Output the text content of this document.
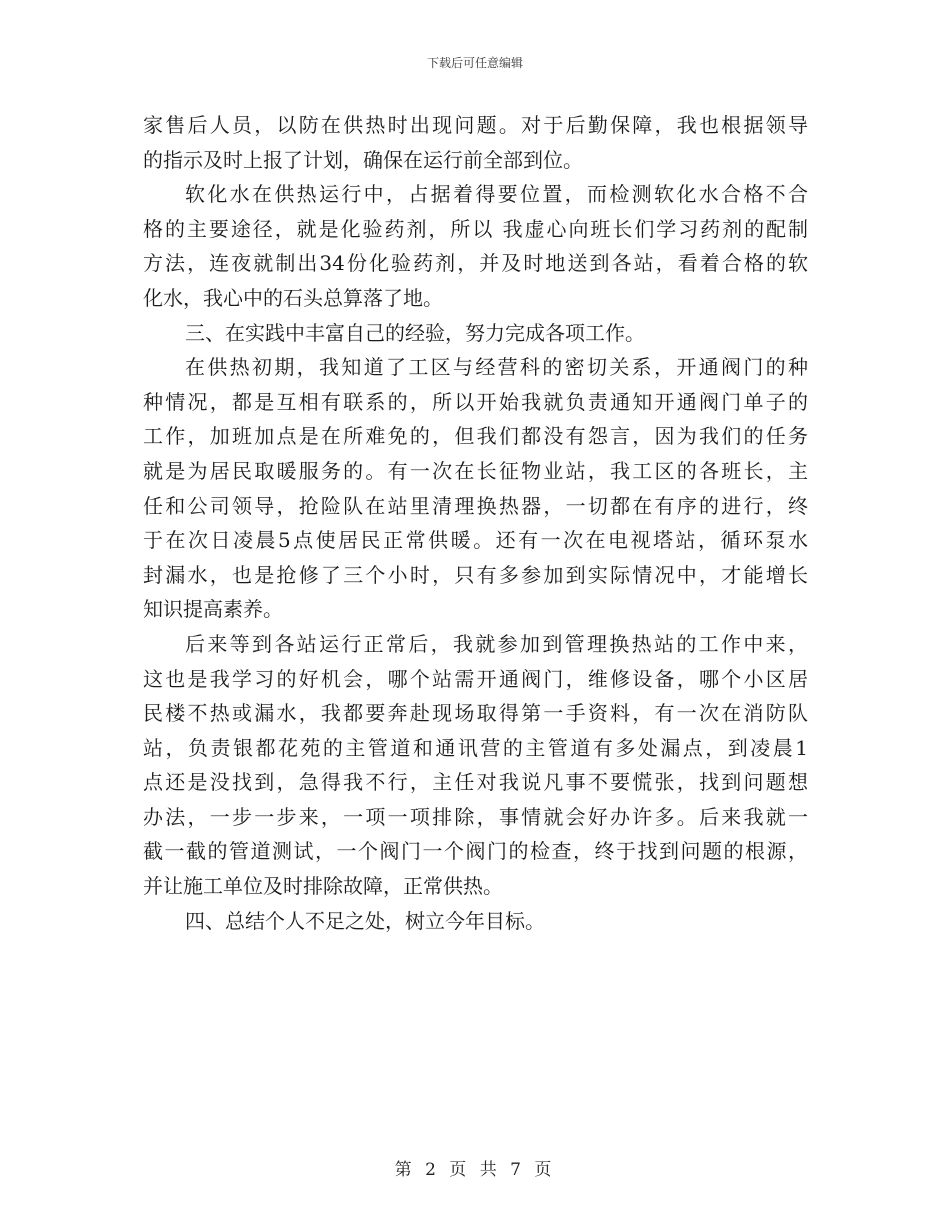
下载后可任意编辑
家售后人员，以防在供热时出现问题。对于后勤保障，我也根据领导
的指示及时上报了计划，确保在运行前全部到位。
软化水在供热运行中，占据着得要位置，而检测软化水合格不合
格的主要途径，就是化验药剂，所以 我虚心向班长们学习药剂的配制
方法，连夜就制出34份化验药剂，并及时地送到各站，看着合格的软
化水，我心中的石头总算落了地。
三、在实践中丰富自己的经验，努力完成各项工作。
在供热初期，我知道了工区与经营科的密切关系，开通阀门的种
种情况，都是互相有联系的，所以开始我就负责通知开通阀门单子的
工作，加班加点是在所难免的，但我们都没有怨言，因为我们的任务
就是为居民取暖服务的。有一次在长征物业站，我工区的各班长，主
任和公司领导，抢险队在站里清理换热器，一切都在有序的进行，终
于在次日凌晨5点使居民正常供暖。还有一次在电视塔站，循环泵水
封漏水，也是抢修了三个小时，只有多参加到实际情况中，才能增长
知识提高素养。
后来等到各站运行正常后，我就参加到管理换热站的工作中来，
这也是我学习的好机会，哪个站需开通阀门，维修设备，哪个小区居
民楼不热或漏水，我都要奔赴现场取得第一手资料，有一次在消防队
站，负责银都花苑的主管道和通讯营的主管道有多处漏点，到凌晨1
点还是没找到，急得我不行，主任对我说凡事不要慌张，找到问题想
办法，一步一步来，一项一项排除，事情就会好办许多。后来我就一
截一截的管道测试，一个阀门一个阀门的检查，终于找到问题的根源，
并让施工单位及时排除故障，正常供热。
四、总结个人不足之处，树立今年目标。
第 2 页 共 7 页
